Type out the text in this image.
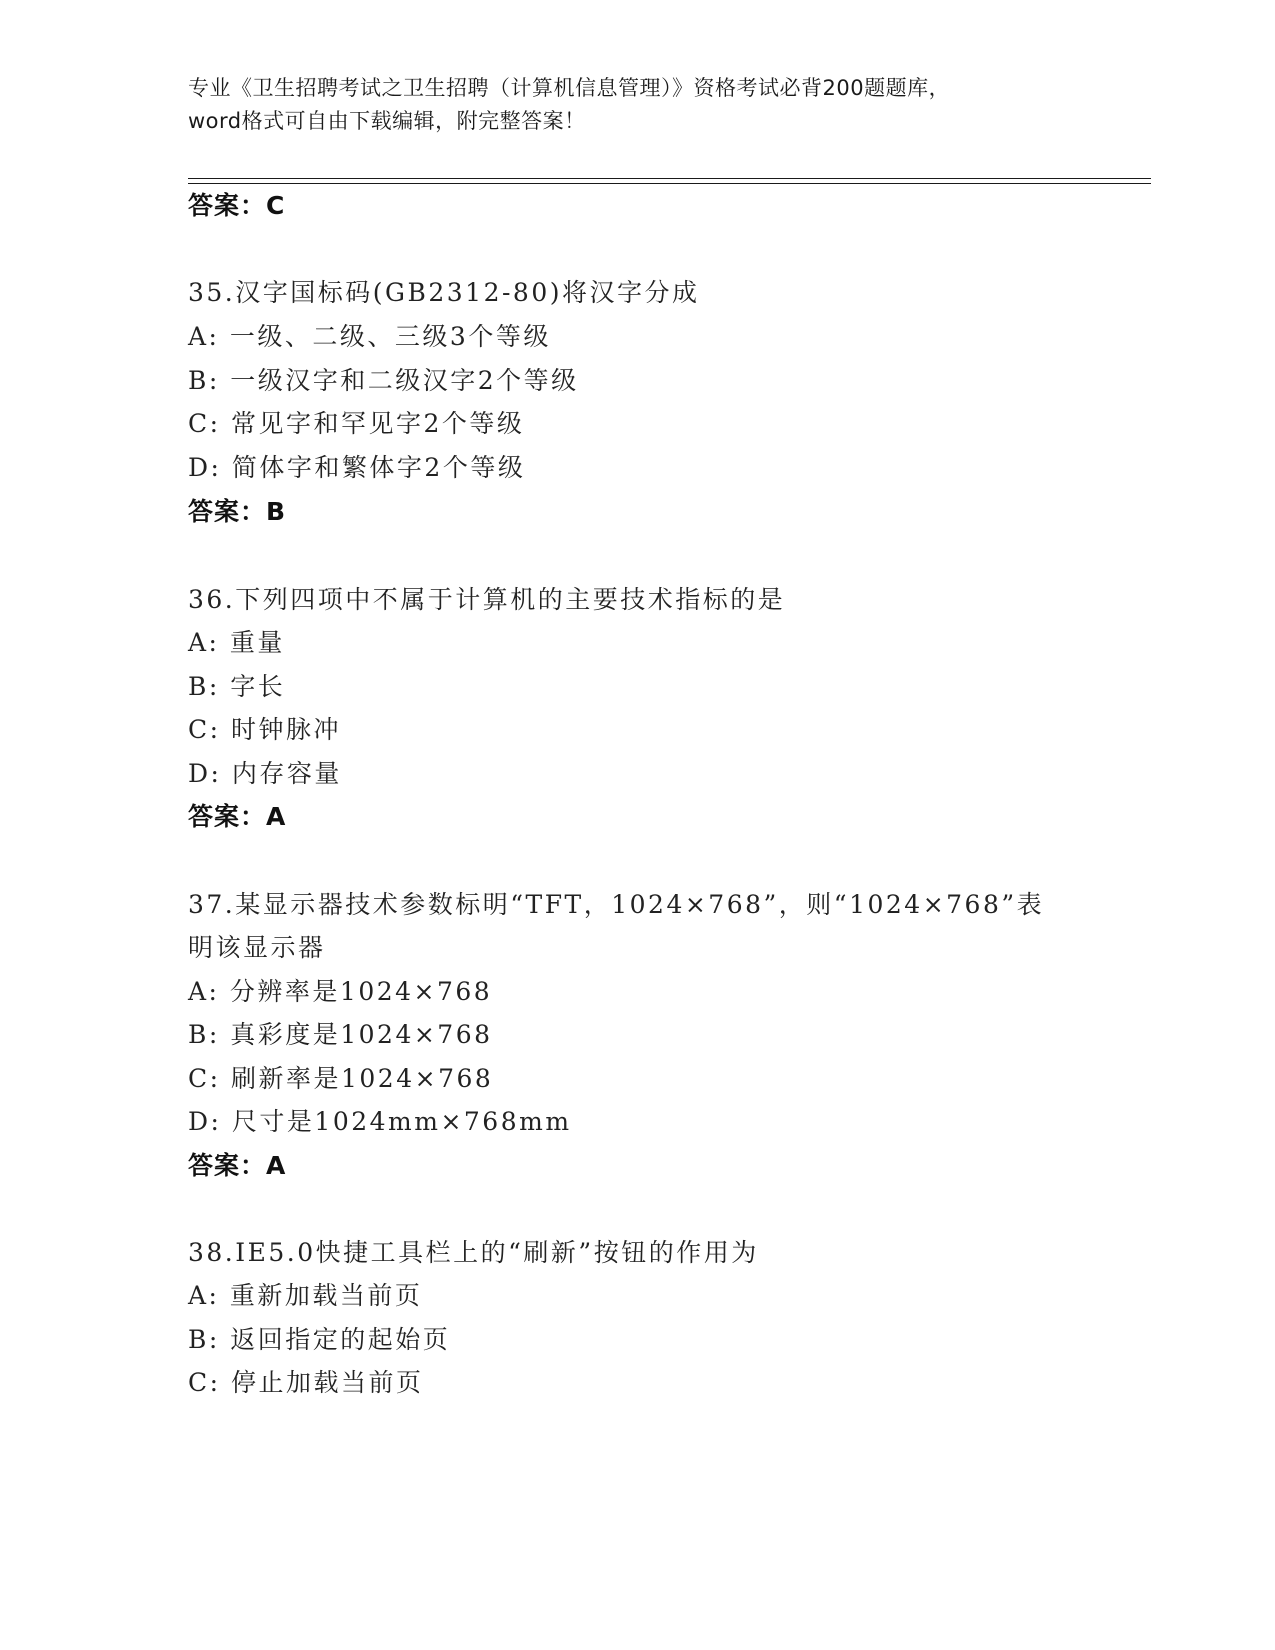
专业《卫生招聘考试之卫生招聘（计算机信息管理）》资格考试必背200题题库，
word格式可自由下载编辑，附完整答案！
答案：C
35.汉字国标码(GB2312-80)将汉字分成
A: 一级、二级、三级3个等级
B: 一级汉字和二级汉字2个等级
C: 常见字和罕见字2个等级
D: 简体字和繁体字2个等级
答案：B
36.下列四项中不属于计算机的主要技术指标的是
A: 重量
B: 字长
C: 时钟脉冲
D: 内存容量
答案：A
37.某显示器技术参数标明“TFT，1024×768”，则“1024×768”表
明该显示器
A: 分辨率是1024×768
B: 真彩度是1024×768
C: 刷新率是1024×768
D: 尺寸是1024mm×768mm
答案：A
38.IE5.0快捷工具栏上的“刷新”按钮的作用为
A: 重新加载当前页
B: 返回指定的起始页
C: 停止加载当前页
